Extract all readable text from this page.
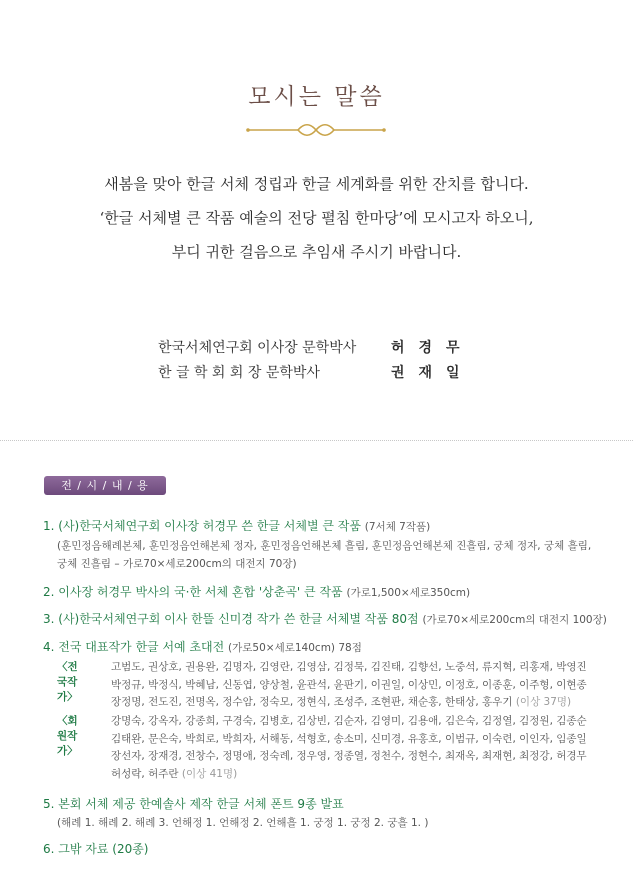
모시는 말씀
새봄을 맞아 한글 서체 정립과 한글 세계화를 위한 잔치를 합니다.
‘한글 서체별 큰 작품 예술의 전당 펼침 한마당’에 모시고자 하오니,
부디 귀한 걸음으로 추임새 주시기 바랍니다.
한국서체연구회 이사장 문학박사 허경무
한 글 학 회 회 장 문학박사	권재일
전 / 시 / 내 / 용
1. (사)한국서체연구회 이사장 허경무 쓴 한글 서체별 큰 작품 (7서체 7작품)
(훈민정음해례본체, 훈민정음언해본체 정자, 훈민정음언해본체 흘림, 훈민정음언해본체 진흘림, 궁체 정자, 궁체 흘림,
궁체 진흘림 – 가로70×세로200cm의 대전지 70장)
2. 이사장 허경무 박사의 국·한 서체 혼합 '상춘곡' 큰 작품 (가로1,500×세로350cm)
3. (사)한국서체연구회 이사 한뜰 신미경 작가 쓴 한글 서체별 작품 80점 (가로70×세로200cm의 대전지 100장)
4. 전국 대표작가 한글 서예 초대전 (가로50×세로140cm) 78점
〈전국작가〉
고범도, 권상호, 권용완, 김명자, 김영란, 김영삼, 김정묵, 김진태, 김향선, 노중석, 류지혁, 리홍재, 박영진
박정규, 박정식, 박혜남, 신동엽, 양상철, 윤관석, 윤판기, 이권일, 이상민, 이정호, 이종훈, 이주형, 이현종
장정명, 전도진, 전명옥, 정수암, 정숙모, 정현식, 조성주, 조현판, 채순홍, 한태상, 홍우기 (이상 37명)
〈회원작가〉
강명숙, 강옥자, 강종희, 구경숙, 김병호, 김상빈, 김순자, 김영미, 김용애, 김은숙, 김정열, 김정원, 김종순
김태완, 문은숙, 박희로, 박희자, 서해동, 석형호, 송소미, 신미경, 유홍호, 이범규, 이숙련, 이인자, 임종일
장선자, 장재경, 전창수, 정명애, 정숙례, 정우영, 정종열, 정천수, 정현수, 최재옥, 최재현, 최정강, 허경무
허성락, 허주란 (이상 41명)
5. 본회 서체 제공 한예솔사 제작 한글 서체 폰트 9종 발표
(해례 1. 해례 2. 해례 3. 언해정 1. 언해정 2. 언해흘 1. 궁정 1. 궁정 2. 궁흘 1. )
6. 그밖 자료 (20종)
